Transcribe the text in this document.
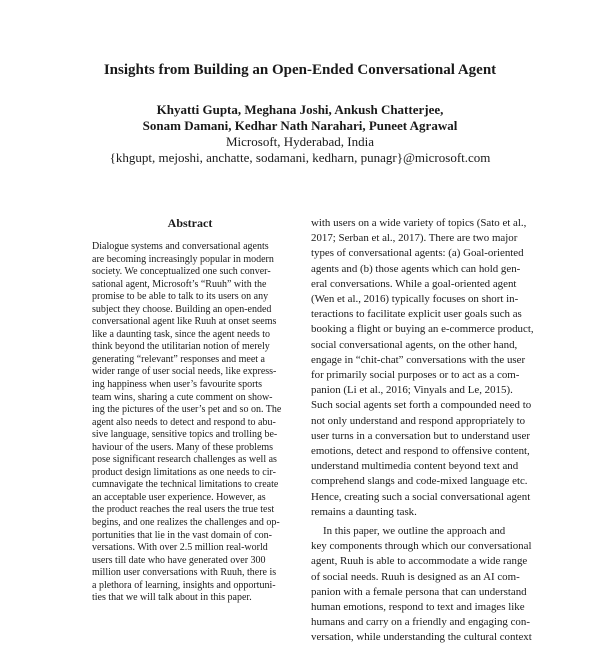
Insights from Building an Open-Ended Conversational Agent
Khyatti Gupta, Meghana Joshi, Ankush Chatterjee,
Sonam Damani, Kedhar Nath Narahari, Puneet Agrawal
Microsoft, Hyderabad, India
{khgupt, mejoshi, anchatte, sodamani, kedharn, punagr}@microsoft.com
Abstract
Dialogue systems and conversational agents
are becoming increasingly popular in modern
society. We conceptualized one such conver-
sational agent, Microsoft’s “Ruuh” with the
promise to be able to talk to its users on any
subject they choose. Building an open-ended
conversational agent like Ruuh at onset seems
like a daunting task, since the agent needs to
think beyond the utilitarian notion of merely
generating “relevant” responses and meet a
wider range of user social needs, like express-
ing happiness when user’s favourite sports
team wins, sharing a cute comment on show-
ing the pictures of the user’s pet and so on. The
agent also needs to detect and respond to abu-
sive language, sensitive topics and trolling be-
haviour of the users. Many of these problems
pose significant research challenges as well as
product design limitations as one needs to cir-
cumnavigate the technical limitations to create
an acceptable user experience. However, as
the product reaches the real users the true test
begins, and one realizes the challenges and op-
portunities that lie in the vast domain of con-
versations. With over 2.5 million real-world
users till date who have generated over 300
million user conversations with Ruuh, there is
a plethora of learning, insights and opportuni-
ties that we will talk about in this paper.
with users on a wide variety of topics (Sato et al.,
2017; Serban et al., 2017). There are two major
types of conversational agents: (a) Goal-oriented
agents and (b) those agents which can hold gen-
eral conversations. While a goal-oriented agent
(Wen et al., 2016) typically focuses on short in-
teractions to facilitate explicit user goals such as
booking a flight or buying an e-commerce product,
social conversational agents, on the other hand,
engage in “chit-chat” conversations with the user
for primarily social purposes or to act as a com-
panion (Li et al., 2016; Vinyals and Le, 2015).
Such social agents set forth a compounded need to
not only understand and respond appropriately to
user turns in a conversation but to understand user
emotions, detect and respond to offensive content,
understand multimedia content beyond text and
comprehend slangs and code-mixed language etc.
Hence, creating such a social conversational agent
remains a daunting task.
In this paper, we outline the approach and
key components through which our conversational
agent, Ruuh is able to accommodate a wide range
of social needs. Ruuh is designed as an AI com-
panion with a female persona that can understand
human emotions, respond to text and images like
humans and carry on a friendly and engaging con-
versation, while understanding the cultural context
